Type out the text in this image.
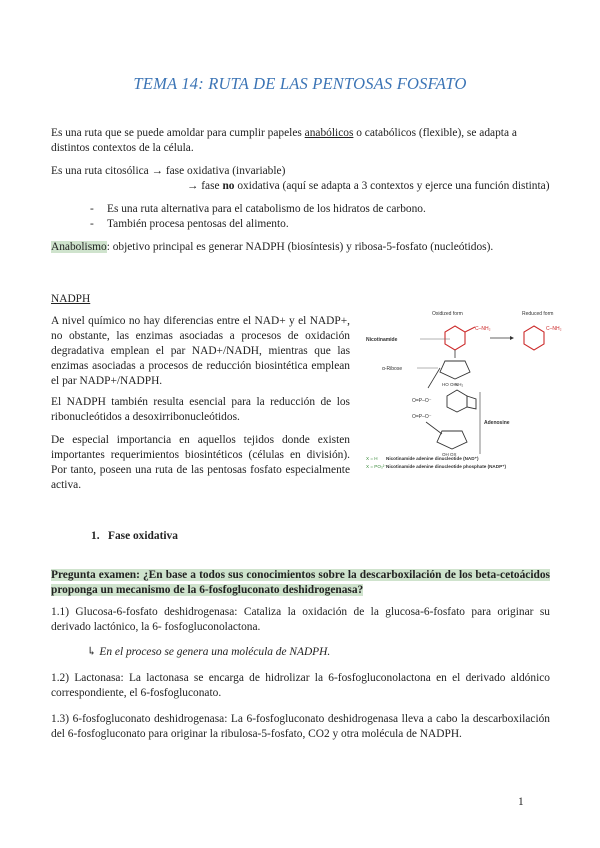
TEMA 14: RUTA DE LAS PENTOSAS FOSFATO
Es una ruta que se puede amoldar para cumplir papeles anabólicos o catabólicos (flexible), se adapta a distintos contextos de la célula.
Es una ruta citosólica → fase oxidativa (invariable)
→ fase no oxidativa (aquí se adapta a 3 contextos y ejerce una función distinta)
- Es una ruta alternativa para el catabolismo de los hidratos de carbono.
- También procesa pentosas del alimento.
Anabolismo: objetivo principal es generar NADPH (biosíntesis) y ribosa-5-fosfato (nucleótidos).
NADPH
A nivel químico no hay diferencias entre el NAD+ y el NADP+, no obstante, las enzimas asociadas a procesos de oxidación degradativa emplean el par NAD+/NADH, mientras que las enzimas asociadas a procesos de reducción biosintética emplean el par NADP+/NADPH.
El NADPH también resulta esencial para la reducción de los ribonucleótidos a desoxirribonucleótidos.
De especial importancia en aquellos tejidos donde existen importantes requerimientos biosintéticos (células en división). Por tanto, poseen una ruta de las pentosas fosfato especialmente activa.
Oxidized form	Reduced form
C–NH₂	C–NH₂
Nicotinamide
HO OH
α-Ribose
O=P–O⁻
O=P–O⁻
NH₂
OH OX
Adenosine
X = H Nicotinamide adenine dinucleotide (NAD⁺)
X = PO₃²⁻ Nicotinamide adenine dinucleotide phosphate (NADP⁺)
1. Fase oxidativa
Pregunta examen: ¿En base a todos sus conocimientos sobre la descarboxilación de los beta-cetoácidos proponga un mecanismo de la 6-fosfogluconato deshidrogenasa?
1.1) Glucosa-6-fosfato deshidrogenasa: Cataliza la oxidación de la glucosa-6-fosfato para originar su derivado lactónico, la 6- fosfogluconolactona.
↳ En el proceso se genera una molécula de NADPH.
1.2) Lactonasa: La lactonasa se encarga de hidrolizar la 6-fosfogluconolactona en el derivado aldónico correspondiente, el 6-fosfogluconato.
1.3) 6-fosfogluconato deshidrogenasa: La 6-fosfogluconato deshidrogenasa lleva a cabo la descarboxilación del 6-fosfogluconato para originar la ribulosa-5-fosfato, CO2 y otra molécula de NADPH.
1
